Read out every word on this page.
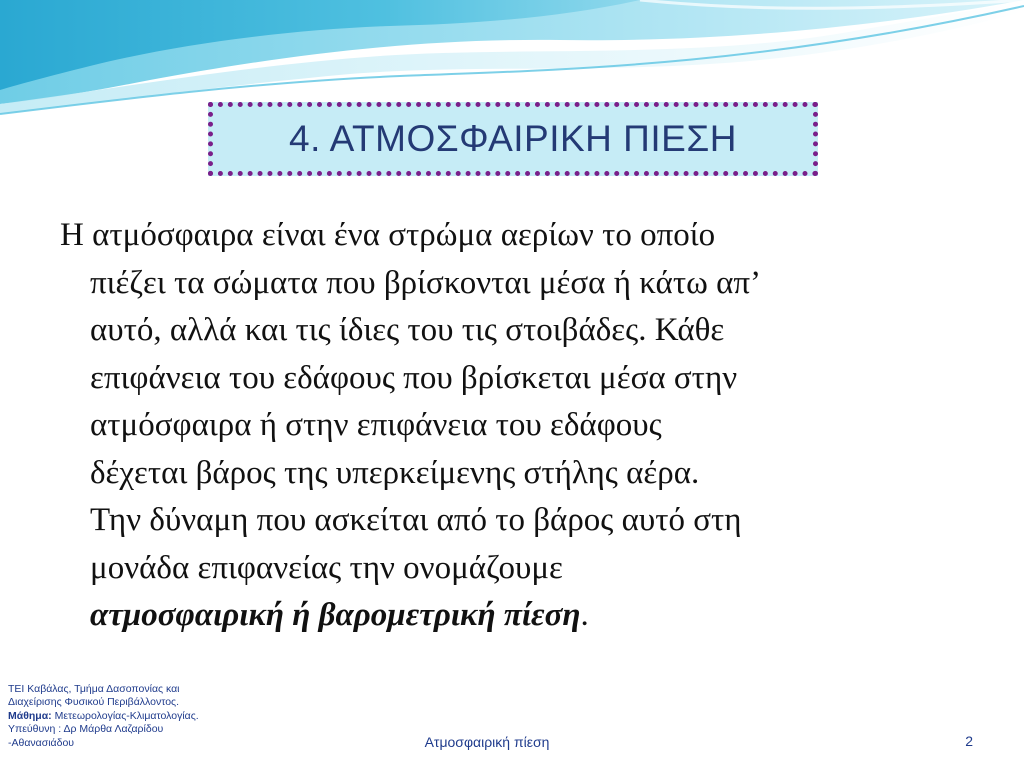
4. ΑΤΜΟΣΦΑΙΡΙΚΗ ΠΙΕΣΗ
Η ατμόσφαιρα είναι ένα στρώμα αερίων το οποίο
πιέζει τα σώματα που βρίσκονται μέσα ή κάτω απ’
αυτό, αλλά και τις ίδιες του τις στοιβάδες. Κάθε
επιφάνεια του εδάφους που βρίσκεται μέσα στην
ατμόσφαιρα ή στην επιφάνεια του εδάφους
δέχεται βάρος της υπερκείμενης στήλης αέρα.
Την δύναμη που ασκείται από το βάρος αυτό στη
μονάδα επιφανείας την ονομάζουμε
ατμοσφαιρική ή βαρομετρική πίεση.
ΤΕΙ Καβάλας, Τμήμα Δασοπονίας και
Διαχείρισης Φυσικού Περιβάλλοντος.
Μάθημα: Μετεωρολογίας-Κλιματολογίας.
Υπεύθυνη : Δρ Μάρθα Λαζαρίδου
-Αθανασιάδου	Ατμοσφαιρική πίεση	2
